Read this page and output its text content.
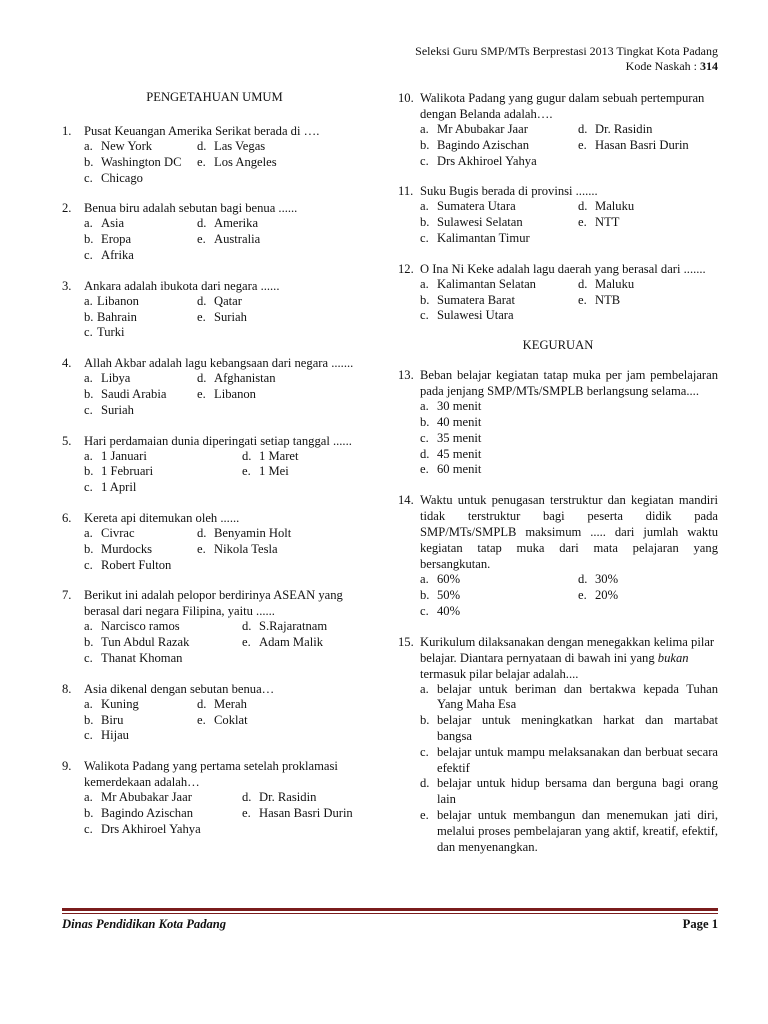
Seleksi Guru SMP/MTs Berprestasi 2013 Tingkat Kota Padang
Kode Naskah : 314
PENGETAHUAN UMUM
1. Pusat Keuangan Amerika Serikat berada di ….
a. New York	d. Las Vegas
b. Washington DC	e. Los Angeles
c. Chicago
2. Benua biru adalah sebutan bagi benua ......
a. Asia	d. Amerika
b. Eropa	e. Australia
c. Afrika
3. Ankara adalah ibukota dari negara ......
a. Libanon	d. Qatar
b. Bahrain	e. Suriah
c. Turki
4. Allah Akbar adalah lagu kebangsaan dari negara .......
a. Libya	d. Afghanistan
b. Saudi Arabia	e. Libanon
c. Suriah
5. Hari perdamaian dunia diperingati setiap tanggal ......
a. 1 Januari	d. 1 Maret
b. 1 Februari	e. 1 Mei
c. 1 April
6. Kereta api ditemukan oleh ......
a. Civrac	d. Benyamin Holt
b. Murdocks	e. Nikola Tesla
c. Robert Fulton
7. Berikut ini adalah pelopor berdirinya ASEAN yang berasal dari negara Filipina, yaitu ......
a. Narcisco ramos	d. S.Rajaratnam
b. Tun Abdul Razak	e. Adam Malik
c. Thanat Khoman
8. Asia dikenal dengan sebutan benua…
a. Kuning	d. Merah
b. Biru	e. Coklat
c. Hijau
9. Walikota Padang yang pertama setelah proklamasi kemerdekaan adalah…
a. Mr Abubakar Jaar	d. Dr. Rasidin
b. Bagindo Azischan	e. Hasan Basri Durin
c. Drs Akhiroel Yahya
10. Walikota Padang yang gugur dalam sebuah pertempuran dengan Belanda adalah….
a. Mr Abubakar Jaar	d. Dr. Rasidin
b. Bagindo Azischan	e. Hasan Basri Durin
c. Drs Akhiroel Yahya
11. Suku Bugis berada di provinsi .......
a. Sumatera Utara	d. Maluku
b. Sulawesi Selatan	e. NTT
c. Kalimantan Timur
12. O Ina Ni Keke adalah lagu daerah yang berasal dari .......
a. Kalimantan Selatan	d. Maluku
b. Sumatera Barat	e. NTB
c. Sulawesi Utara
KEGURUAN
13. Beban belajar kegiatan tatap muka per jam pembelajaran pada jenjang SMP/MTs/SMPLB berlangsung selama....
a. 30 menit
b. 40 menit
c. 35 menit
d. 45 menit
e. 60 menit
14. Waktu untuk penugasan terstruktur dan kegiatan mandiri tidak terstruktur bagi peserta didik pada SMP/MTs/SMPLB maksimum ..... dari jumlah waktu kegiatan tatap muka dari mata pelajaran yang bersangkutan.
a. 60%	d. 30%
b. 50%	e. 20%
c. 40%
15. Kurikulum dilaksanakan dengan menegakkan kelima pilar belajar. Diantara pernyataan di bawah ini yang bukan termasuk pilar belajar adalah....
a. belajar untuk beriman dan bertakwa kepada Tuhan Yang Maha Esa
b. belajar untuk meningkatkan harkat dan martabat bangsa
c. belajar untuk mampu melaksanakan dan berbuat secara efektif
d. belajar untuk hidup bersama dan berguna bagi orang lain
e. belajar untuk membangun dan menemukan jati diri, melalui proses pembelajaran yang aktif, kreatif, efektif, dan menyenangkan.
Dinas Pendidikan Kota Padang	Page 1
